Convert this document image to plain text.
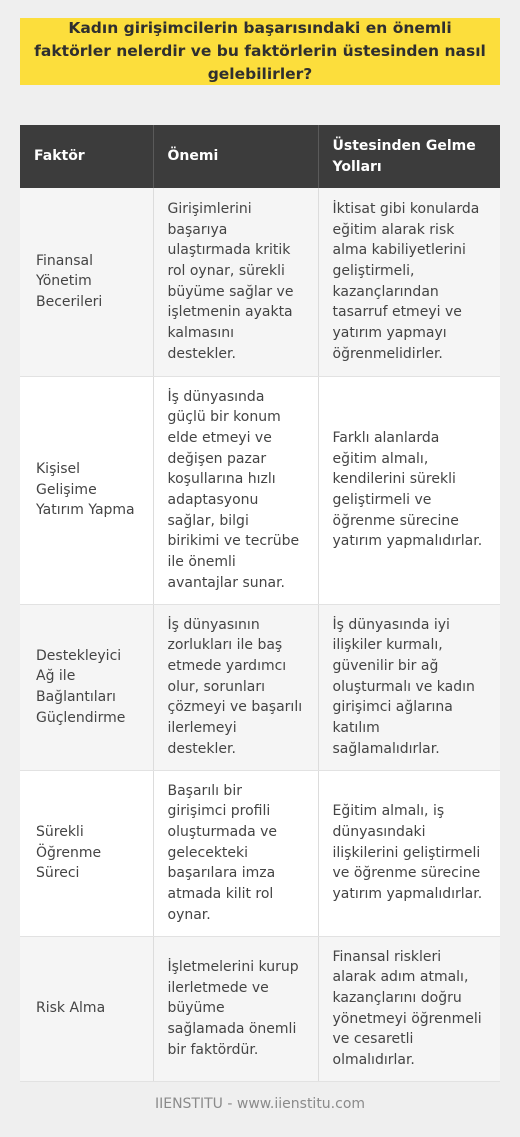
Kadın girişimcilerin başarısındaki en önemli faktörler nelerdir ve bu faktörlerin üstesinden nasıl gelebilirler?
Faktör	Önemi	Üstesinden Gelme Yolları
Finansal Yönetim Becerileri	Girişimlerini başarıya ulaştırmada kritik rol oynar, sürekli büyüme sağlar ve işletmenin ayakta kalmasını destekler.	İktisat gibi konularda eğitim alarak risk alma kabiliyetlerini geliştirmeli, kazançlarından tasarruf etmeyi ve yatırım yapmayı öğrenmelidirler.
Kişisel Gelişime Yatırım Yapma	İş dünyasında güçlü bir konum elde etmeyi ve değişen pazar koşullarına hızlı adaptasyonu sağlar, bilgi birikimi ve tecrübe ile önemli avantajlar sunar.	Farklı alanlarda eğitim almalı, kendilerini sürekli geliştirmeli ve öğrenme sürecine yatırım yapmalıdırlar.
Destekleyici Ağ ile Bağlantıları Güçlendirme	İş dünyasının zorlukları ile baş etmede yardımcı olur, sorunları çözmeyi ve başarılı ilerlemeyi destekler.	İş dünyasında iyi ilişkiler kurmalı, güvenilir bir ağ oluşturmalı ve kadın girişimci ağlarına katılım sağlamalıdırlar.
Sürekli Öğrenme Süreci	Başarılı bir girişimci profili oluşturmada ve gelecekteki başarılara imza atmada kilit rol oynar.	Eğitim almalı, iş dünyasındaki ilişkilerini geliştirmeli ve öğrenme sürecine yatırım yapmalıdırlar.
Risk Alma	İşletmelerini kurup ilerletmede ve büyüme sağlamada önemli bir faktördür.	Finansal riskleri alarak adım atmalı, kazançlarını doğru yönetmeyi öğrenmeli ve cesaretli olmalıdırlar.
IIENSTITU - www.iienstitu.com
